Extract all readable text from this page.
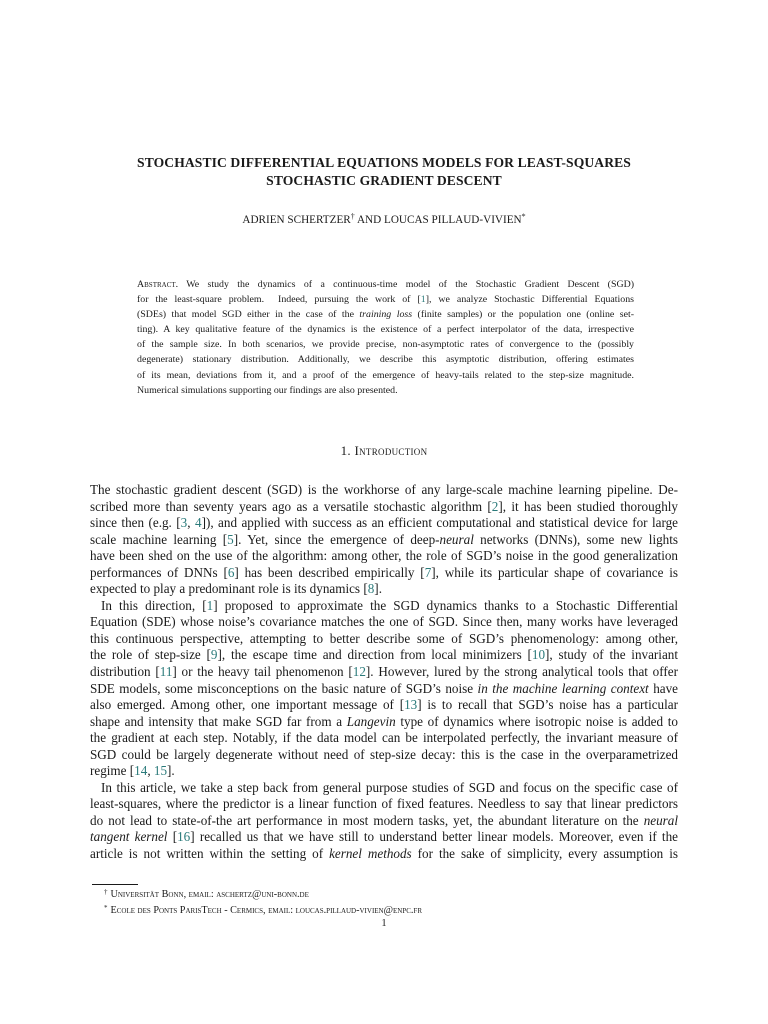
STOCHASTIC DIFFERENTIAL EQUATIONS MODELS FOR LEAST-SQUARES
STOCHASTIC GRADIENT DESCENT
ADRIEN SCHERTZER† AND LOUCAS PILLAUD-VIVIEN*
Abstract. We study the dynamics of a continuous-time model of the Stochastic Gradient Descent (SGD)
for the least-square problem.  Indeed, pursuing the work of [1], we analyze Stochastic Differential Equations
(SDEs) that model SGD either in the case of the training loss (finite samples) or the population one (online set-
ting). A key qualitative feature of the dynamics is the existence of a perfect interpolator of the data, irrespective
of the sample size. In both scenarios, we provide precise, non-asymptotic rates of convergence to the (possibly
degenerate) stationary distribution. Additionally, we describe this asymptotic distribution, offering estimates
of its mean, deviations from it, and a proof of the emergence of heavy-tails related to the step-size magnitude.
Numerical simulations supporting our findings are also presented.
1. Introduction
The stochastic gradient descent (SGD) is the workhorse of any large-scale machine learning pipeline. De-
scribed more than seventy years ago as a versatile stochastic algorithm [2], it has been studied thoroughly
since then (e.g. [3, 4]), and applied with success as an efficient computational and statistical device for large
scale machine learning [5]. Yet, since the emergence of deep-neural networks (DNNs), some new lights
have been shed on the use of the algorithm: among other, the role of SGD’s noise in the good generalization
performances of DNNs [6] has been described empirically [7], while its particular shape of covariance is
expected to play a predominant role is its dynamics [8].
In this direction, [1] proposed to approximate the SGD dynamics thanks to a Stochastic Differential
Equation (SDE) whose noise’s covariance matches the one of SGD. Since then, many works have leveraged
this continuous perspective, attempting to better describe some of SGD’s phenomenology: among other,
the role of step-size [9], the escape time and direction from local minimizers [10], study of the invariant
distribution [11] or the heavy tail phenomenon [12]. However, lured by the strong analytical tools that offer
SDE models, some misconceptions on the basic nature of SGD’s noise in the machine learning context have
also emerged. Among other, one important message of [13] is to recall that SGD’s noise has a particular
shape and intensity that make SGD far from a Langevin type of dynamics where isotropic noise is added to
the gradient at each step. Notably, if the data model can be interpolated perfectly, the invariant measure of
SGD could be largely degenerate without need of step-size decay: this is the case in the overparametrized
regime [14, 15].
In this article, we take a step back from general purpose studies of SGD and focus on the specific case of
least-squares, where the predictor is a linear function of fixed features. Needless to say that linear predictors
do not lead to state-of-the art performance in most modern tasks, yet, the abundant literature on the neural
tangent kernel [16] recalled us that we have still to understand better linear models. Moreover, even if the
article is not written within the setting of kernel methods for the sake of simplicity, every assumption is
† Universität Bonn, email: aschertz@uni-bonn.de
* Ecole des Ponts ParisTech - Cermics, email: loucas.pillaud-vivien@enpc.fr
1
